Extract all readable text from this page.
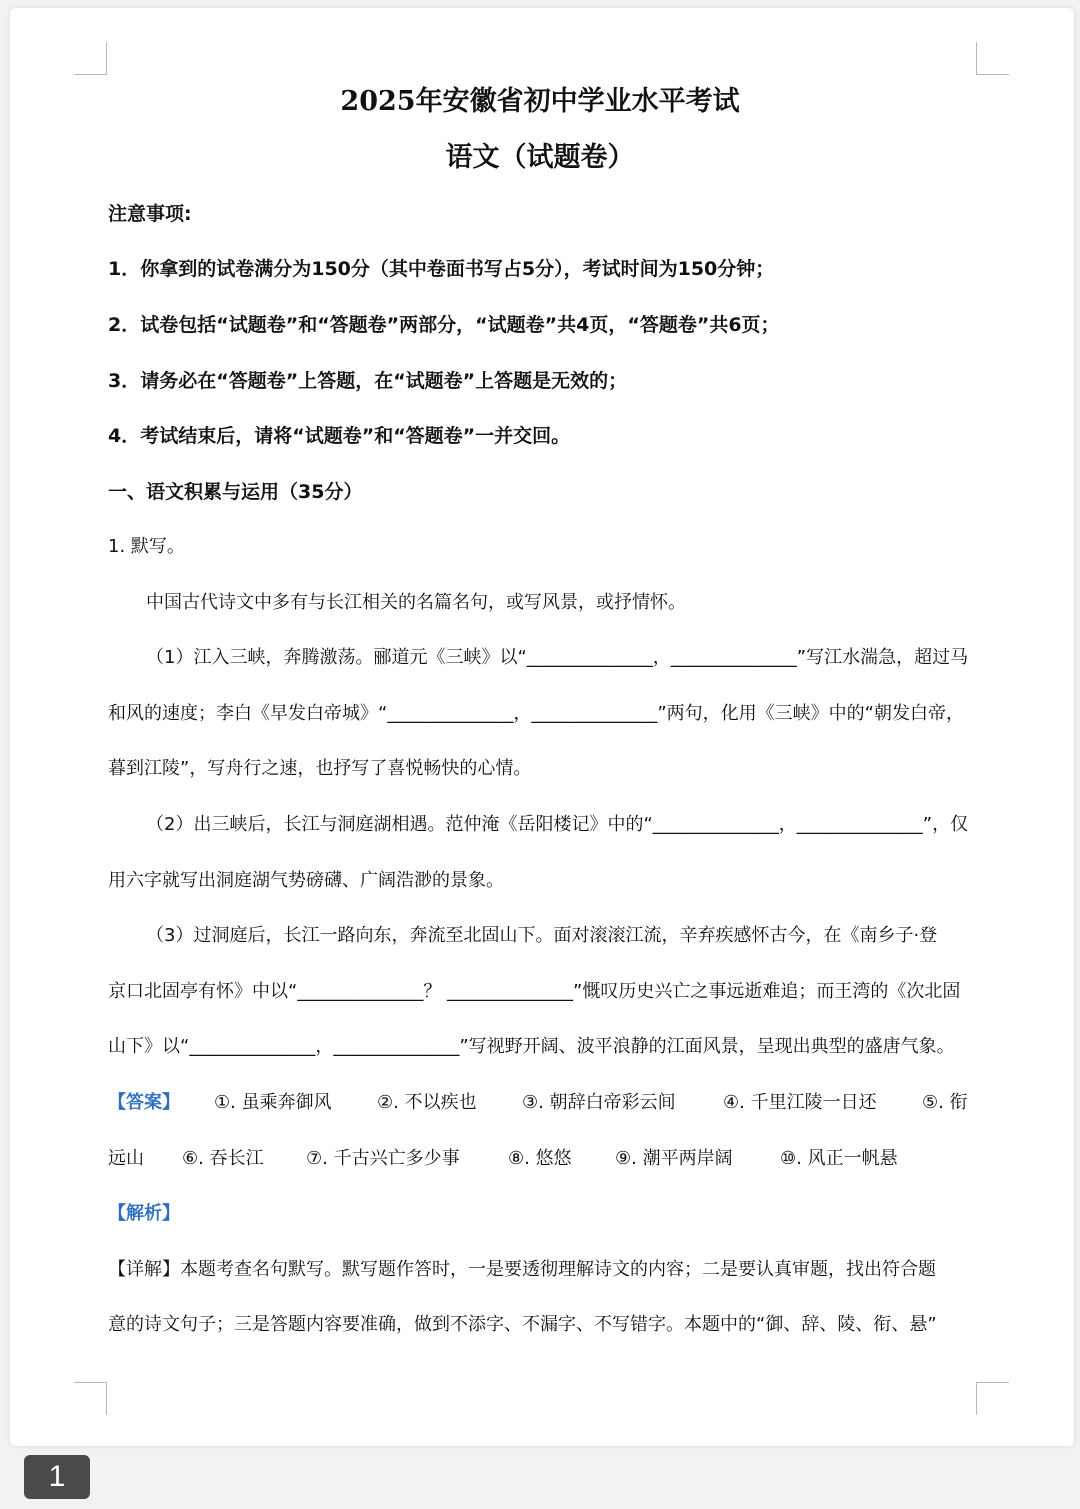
2025年安徽省初中学业水平考试
语文（试题卷）
注意事项:
1．你拿到的试卷满分为150分（其中卷面书写占5分），考试时间为150分钟；
2．试卷包括“试题卷”和“答题卷”两部分，“试题卷”共4页，“答题卷”共6页；
3．请务必在“答题卷”上答题，在“试题卷”上答题是无效的；
4．考试结束后，请将“试题卷”和“答题卷”一并交回。
一、语文积累与运用（35分）
1. 默写。
中国古代诗文中多有与长江相关的名篇名句，或写风景，或抒情怀。
（1）江入三峡，奔腾激荡。郦道元《三峡》以“______________，______________”写江水湍急，超过马
和风的速度；李白《早发白帝城》“______________，______________”两句，化用《三峡》中的“朝发白帝，
暮到江陵”，写舟行之速，也抒写了喜悦畅快的心情。
（2）出三峡后，长江与洞庭湖相遇。范仲淹《岳阳楼记》中的“______________，______________”，仅
用六字就写出洞庭湖气势磅礴、广阔浩渺的景象。
（3）过洞庭后，长江一路向东，奔流至北固山下。面对滚滚江流，辛弃疾感怀古今，在《南乡子·登
京口北固亭有怀》中以“______________？ ______________”慨叹历史兴亡之事远逝难追；而王湾的《次北固
山下》以“______________，______________”写视野开阔、波平浪静的江面风景，呈现出典型的盛唐气象。
【答案】 ①. 虽乘奔御风	②. 不以疾也	③. 朝辞白帝彩云间	④. 千里江陵一日还	⑤. 衔
远山 ⑥. 吞长江 ⑦. 千古兴亡多少事	⑧. 悠悠 ⑨. 潮平两岸阔	⑩. 风正一帆悬
【解析】
【详解】本题考查名句默写。默写题作答时，一是要透彻理解诗文的内容；二是要认真审题，找出符合题
意的诗文句子；三是答题内容要准确，做到不添字、不漏字、不写错字。本题中的“御、辞、陵、衔、悬”
1
